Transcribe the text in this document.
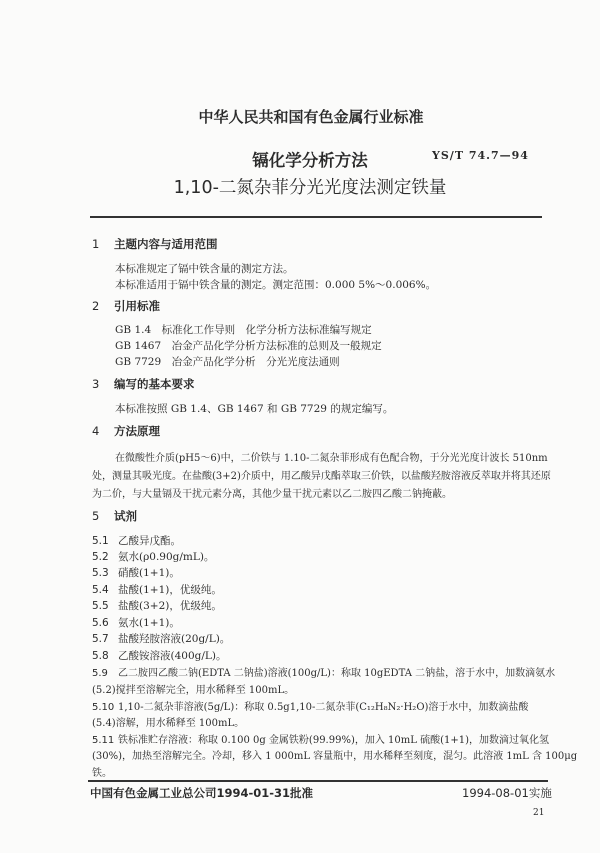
中华人民共和国有色金属行业标准
镉化学分析方法
1,10-二氮杂菲分光光度法测定铁量
YS/T 74.7—94
1 主题内容与适用范围
本标准规定了镉中铁含量的测定方法。
本标准适用于镉中铁含量的测定。测定范围：0.000 5%～0.006%。
2 引用标准
GB 1.4　标准化工作导则　化学分析方法标准编写规定
GB 1467　冶金产品化学分析方法标准的总则及一般规定
GB 7729　冶金产品化学分析　分光光度法通则
3 编写的基本要求
本标准按照 GB 1.4、GB 1467 和 GB 7729 的规定编写。
4 方法原理
在微酸性介质(pH5～6)中，二价铁与 1.10-二氮杂菲形成有色配合物，于分光光度计波长 510nm
处，测量其吸光度。在盐酸(3+2)介质中，用乙酸异戊酯萃取三价铁，以盐酸羟胺溶液反萃取并将其还原
为二价，与大量镉及干扰元素分离，其他少量干扰元素以乙二胺四乙酸二钠掩蔽。
5 试剂
5.1 乙酸异戊酯。
5.2 氨水(ρ0.90g/mL)。
5.3 硝酸(1+1)。
5.4 盐酸(1+1)，优级纯。
5.5 盐酸(3+2)，优级纯。
5.6 氨水(1+1)。
5.7 盐酸羟胺溶液(20g/L)。
5.8 乙酸铵溶液(400g/L)。
5.9 乙二胺四乙酸二钠(EDTA 二钠盐)溶液(100g/L)：称取 10gEDTA 二钠盐，溶于水中，加数滴氨水
(5.2)搅拌至溶解完全，用水稀释至 100mL。
5.10 1,10-二氮杂菲溶液(5g/L)：称取 0.5g1,10-二氮杂菲(C₁₂H₈N₂·H₂O)溶于水中，加数滴盐酸
(5.4)溶解，用水稀释至 100mL。
5.11 铁标准贮存溶液：称取 0.100 0g 金属铁粉(99.99%)，加入 10mL 硫酸(1+1)，加数滴过氧化氢
(30%)，加热至溶解完全。冷却，移入 1 000mL 容量瓶中，用水稀释至刻度，混匀。此溶液 1mL 含 100μg
铁。
中国有色金属工业总公司1994-01-31批准	1994-08-01实施
21
